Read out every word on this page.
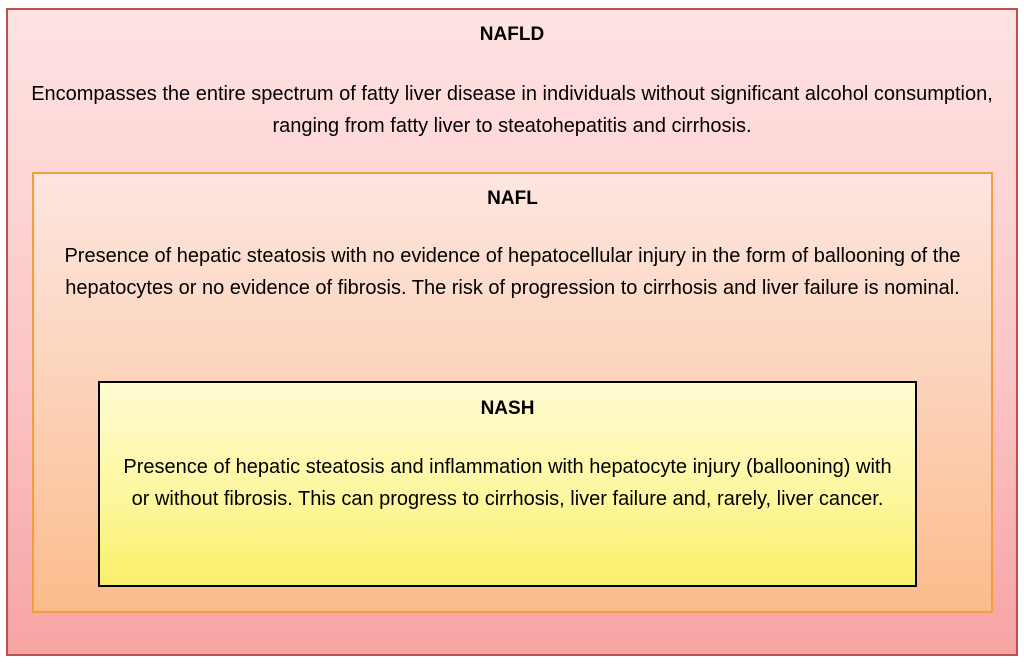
NAFLD
Encompasses the entire spectrum of fatty liver disease in individuals without significant alcohol consumption, ranging from fatty liver to steatohepatitis and cirrhosis.
NAFL
Presence of hepatic steatosis with no evidence of hepatocellular injury in the form of ballooning of the hepatocytes or no evidence of fibrosis. The risk of progression to cirrhosis and liver failure is nominal.
NASH
Presence of hepatic steatosis and inflammation with hepatocyte injury (ballooning) with or without fibrosis. This can progress to cirrhosis, liver failure and, rarely, liver cancer.
